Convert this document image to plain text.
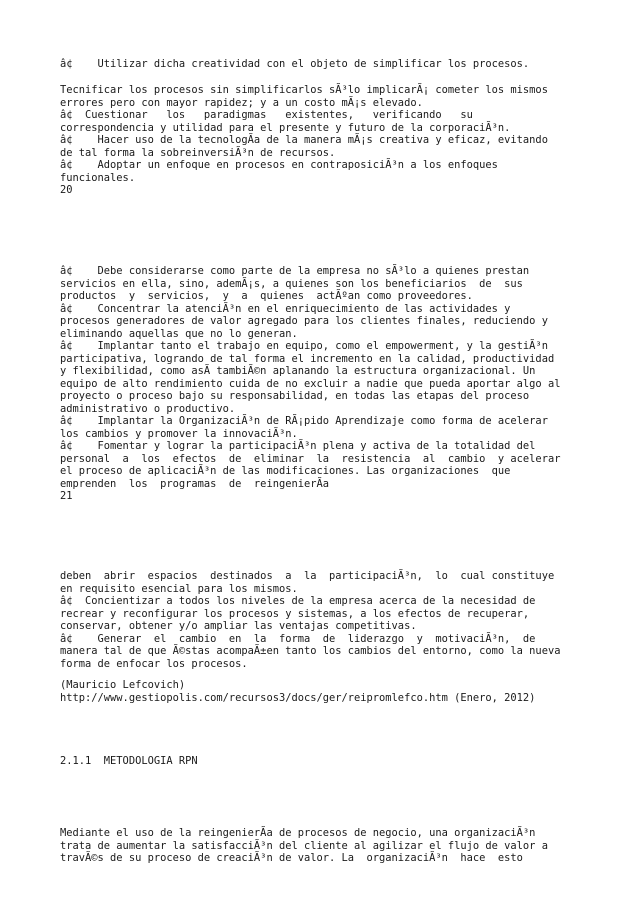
â¢    Utilizar dicha creatividad con el objeto de simplificar los procesos.
Tecnificar los procesos sin simplificarlos sÃ³lo implicarÃ¡ cometer los mismos
errores pero con mayor rapidez; y a un costo mÃ¡s elevado.
â¢  Cuestionar   los   paradigmas   existentes,   verificando   su
correspondencia y utilidad para el presente y futuro de la corporaciÃ³n.
â¢    Hacer uso de la tecnologÃa de la manera mÃ¡s creativa y eficaz, evitando
de tal forma la sobreinversiÃ³n de recursos.
â¢    Adoptar un enfoque en procesos en contraposiciÃ³n a los enfoques
funcionales.
20
â¢    Debe considerarse como parte de la empresa no sÃ³lo a quienes prestan
servicios en ella, sino, ademÃ¡s, a quienes son los beneficiarios  de  sus
productos  y  servicios,  y  a  quienes  actÃºan como proveedores.
â¢    Concentrar la atenciÃ³n en el enriquecimiento de las actividades y
procesos generadores de valor agregado para los clientes finales, reduciendo y
eliminando aquellas que no lo generan.
â¢    Implantar tanto el trabajo en equipo, como el empowerment, y la gestiÃ³n
participativa, logrando de tal forma el incremento en la calidad, productividad
y flexibilidad, como asÃ tambiÃ©n aplanando la estructura organizacional. Un
equipo de alto rendimiento cuida de no excluir a nadie que pueda aportar algo al
proyecto o proceso bajo su responsabilidad, en todas las etapas del proceso
administrativo o productivo.
â¢    Implantar la OrganizaciÃ³n de RÃ¡pido Aprendizaje como forma de acelerar
los cambios y promover la innovaciÃ³n.
â¢    Fomentar y lograr la participaciÃ³n plena y activa de la totalidad del
personal  a  los  efectos  de  eliminar  la  resistencia  al  cambio  y acelerar
el proceso de aplicaciÃ³n de las modificaciones. Las organizaciones  que
emprenden  los  programas  de  reingenierÃa
21
deben  abrir  espacios  destinados  a  la  participaciÃ³n,  lo  cual constituye
en requisito esencial para los mismos.
â¢  Concientizar a todos los niveles de la empresa acerca de la necesidad de
recrear y reconfigurar los procesos y sistemas, a los efectos de recuperar,
conservar, obtener y/o ampliar las ventajas competitivas.
â¢    Generar  el  cambio  en  la  forma  de  liderazgo  y  motivaciÃ³n,  de
manera tal de que Ã©stas acompaÃ±en tanto los cambios del entorno, como la nueva
forma de enfocar los procesos.
(Mauricio Lefcovich)
http://www.gestiopolis.com/recursos3/docs/ger/reipromlefco.htm (Enero, 2012)
2.1.1  METODOLOGIA RPN
Mediante el uso de la reingenierÃa de procesos de negocio, una organizaciÃ³n
trata de aumentar la satisfacciÃ³n del cliente al agilizar el flujo de valor a
travÃ©s de su proceso de creaciÃ³n de valor. La  organizaciÃ³n  hace  esto
